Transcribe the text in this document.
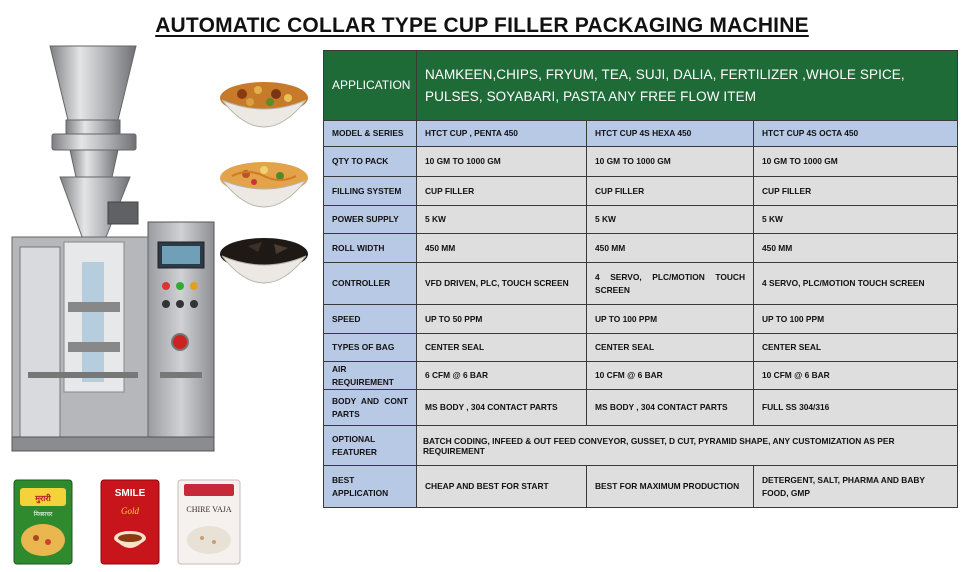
AUTOMATIC COLLAR TYPE CUP FILLER PACKAGING MACHINE
मुरारी
मिक्सचर
SMILE
Gold	CHIRE VAJA
APPLICATION	NAMKEEN,CHIPS, FRYUM, TEA, SUJI, DALIA, FERTILIZER ,WHOLE SPICE, PULSES, SOYABARI, PASTA ANY FREE FLOW ITEM		
MODEL & SERIES	HTCT CUP , PENTA 450	HTCT CUP 4S HEXA 450	HTCT CUP 4S OCTA 450
QTY TO PACK	10 GM TO 1000 GM	10 GM TO 1000 GM	10 GM TO 1000 GM
FILLING SYSTEM	CUP FILLER	CUP FILLER	CUP FILLER
POWER SUPPLY	5 KW	5 KW	5 KW
ROLL WIDTH	450 MM	450 MM	450 MM
CONTROLLER	VFD DRIVEN, PLC, TOUCH SCREEN	4 SERVO, PLC/MOTION TOUCH SCREEN	4 SERVO, PLC/MOTION TOUCH SCREEN
SPEED	UP TO 50 PPM	UP TO 100 PPM	UP TO 100 PPM
TYPES OF BAG	CENTER SEAL	CENTER SEAL	CENTER SEAL
AIR REQUIREMENT	6 CFM @ 6 BAR	10 CFM @ 6 BAR	10 CFM @ 6 BAR
BODY AND CONT PARTS	MS BODY , 304 CONTACT PARTS	MS BODY , 304 CONTACT PARTS	FULL SS 304/316
OPTIONAL FEATURER	BATCH CODING, INFEED & OUT FEED CONVEYOR, GUSSET, D CUT, PYRAMID SHAPE, ANY CUSTOMIZATION AS PER REQUIREMENT		
BEST APPLICATION	CHEAP AND BEST FOR START	BEST FOR MAXIMUM PRODUCTION	DETERGENT, SALT, PHARMA AND BABY FOOD, GMP
